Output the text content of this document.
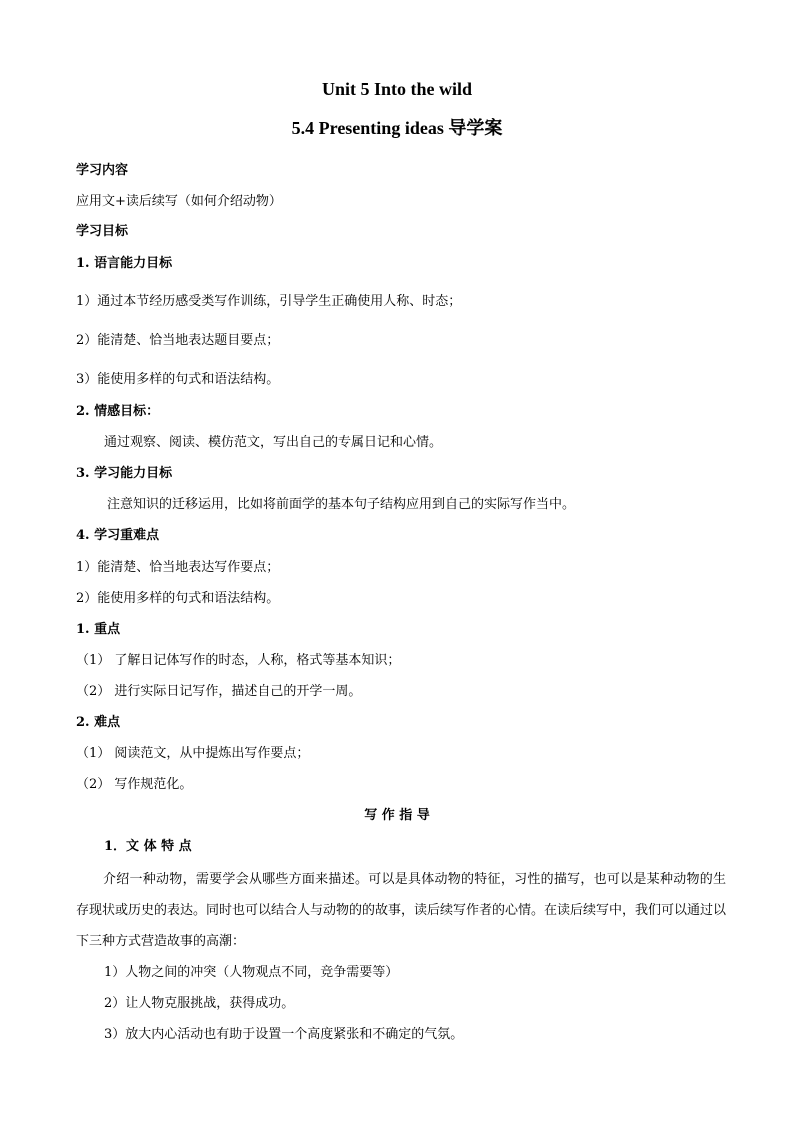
Unit 5 Into the wild
5.4 Presenting ideas 导学案
学习内容
应用文+读后续写（如何介绍动物）
学习目标
1. 语言能力目标
1）通过本节经历感受类写作训练，引导学生正确使用人称、时态；
2）能清楚、恰当地表达题目要点；
3）能使用多样的句式和语法结构。
2. 情感目标：
通过观察、阅读、模仿范文，写出自己的专属日记和心情。
3. 学习能力目标
注意知识的迁移运用，比如将前面学的基本句子结构应用到自己的实际写作当中。
4. 学习重难点
1）能清楚、恰当地表达写作要点；
2）能使用多样的句式和语法结构。
1. 重点
（1） 了解日记体写作的时态，人称，格式等基本知识；
（2） 进行实际日记写作，描述自己的开学一周。
2. 难点
（1） 阅读范文，从中提炼出写作要点；
（2） 写作规范化。
写 作 指 导
1．文 体 特 点
介绍一种动物，需要学会从哪些方面来描述。可以是具体动物的特征，习性的描写，也可以是某种动物的生存现状或历史的表达。同时也可以结合人与动物的的故事，读后续写作者的心情。在读后续写中，我们可以通过以下三种方式营造故事的高潮：
1）人物之间的冲突（人物观点不同，竞争需要等）
2）让人物克服挑战，获得成功。
3）放大内心活动也有助于设置一个高度紧张和不确定的气氛。
